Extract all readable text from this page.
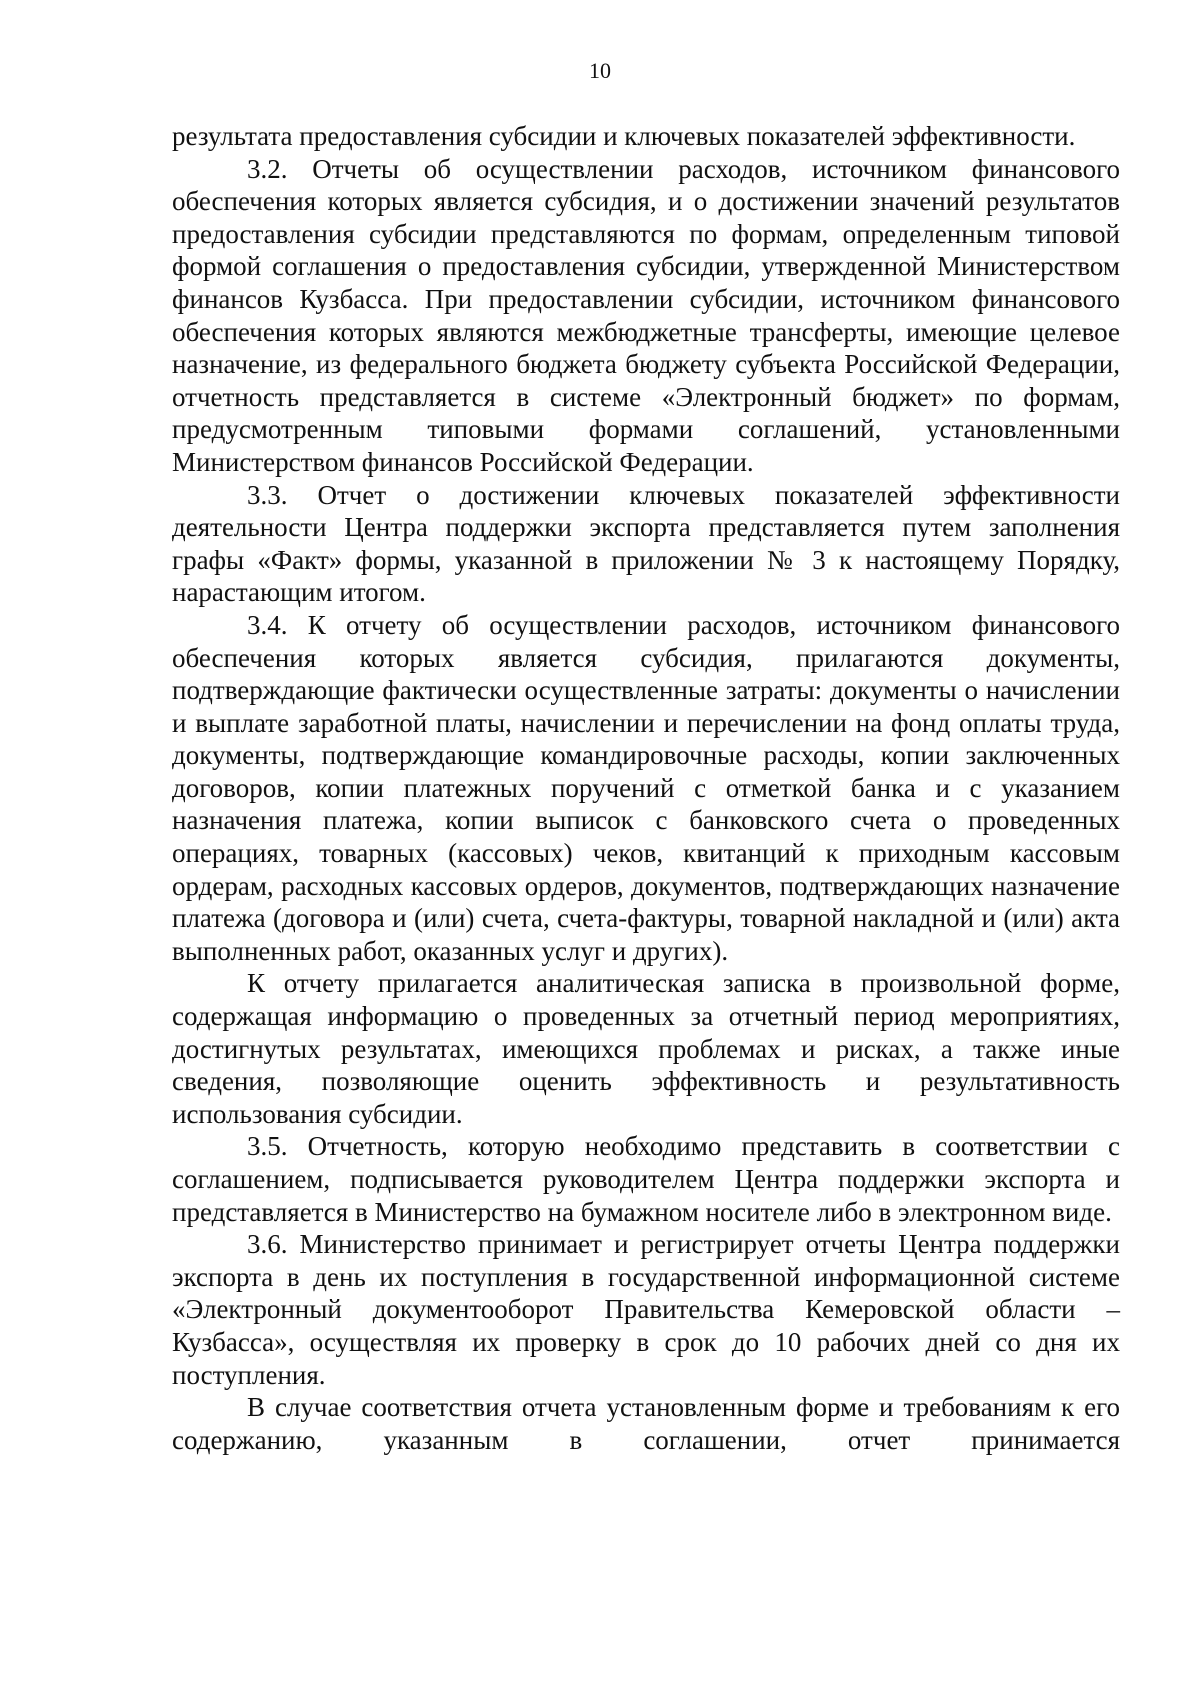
10

результата предоставления субсидии и ключевых показателей эффективности.

3.2. Отчеты об осуществлении расходов, источником финансового обеспечения которых является субсидия, и о достижении значений результатов предоставления субсидии представляются по формам, определенным типовой формой соглашения о предоставления субсидии, утвержденной Министерством финансов Кузбасса. При предоставлении субсидии, источником финансового обеспечения которых являются межбюджетные трансферты, имеющие целевое назначение, из федерального бюджета бюджету субъекта Российской Федерации, отчетность представляется в системе «Электронный бюджет» по формам, предусмотренным типовыми формами соглашений, установленными Министерством финансов Российской Федерации.

3.3. Отчет о достижении ключевых показателей эффективности деятельности Центра поддержки экспорта представляется путем заполнения графы «Факт» формы, указанной в приложении № 3 к настоящему Порядку, нарастающим итогом.

3.4. К отчету об осуществлении расходов, источником финансового обеспечения которых является субсидия, прилагаются документы, подтверждающие фактически осуществленные затраты: документы о начислении и выплате заработной платы, начислении и перечислении на фонд оплаты труда, документы, подтверждающие командировочные расходы, копии заключенных договоров, копии платежных поручений с отметкой банка и с указанием назначения платежа, копии выписок с банковского счета о проведенных операциях, товарных (кассовых) чеков, квитанций к приходным кассовым ордерам, расходных кассовых ордеров, документов, подтверждающих назначение платежа (договора и (или) счета, счета-фактуры, товарной накладной и (или) акта выполненных работ, оказанных услуг и других).

К отчету прилагается аналитическая записка в произвольной форме, содержащая информацию о проведенных за отчетный период мероприятиях, достигнутых результатах, имеющихся проблемах и рисках, а также иные сведения, позволяющие оценить эффективность и результативность использования субсидии.

3.5. Отчетность, которую необходимо представить в соответствии с соглашением, подписывается руководителем Центра поддержки экспорта и представляется в Министерство на бумажном носителе либо в электронном виде.

3.6. Министерство принимает и регистрирует отчеты Центра поддержки экспорта в день их поступления в государственной информационной системе «Электронный документооборот Правительства Кемеровской области – Кузбасса», осуществляя их проверку в срок до 10 рабочих дней со дня их поступления.

В случае соответствия отчета установленным форме и требованиям к его содержанию, указанным в соглашении, отчет принимается
